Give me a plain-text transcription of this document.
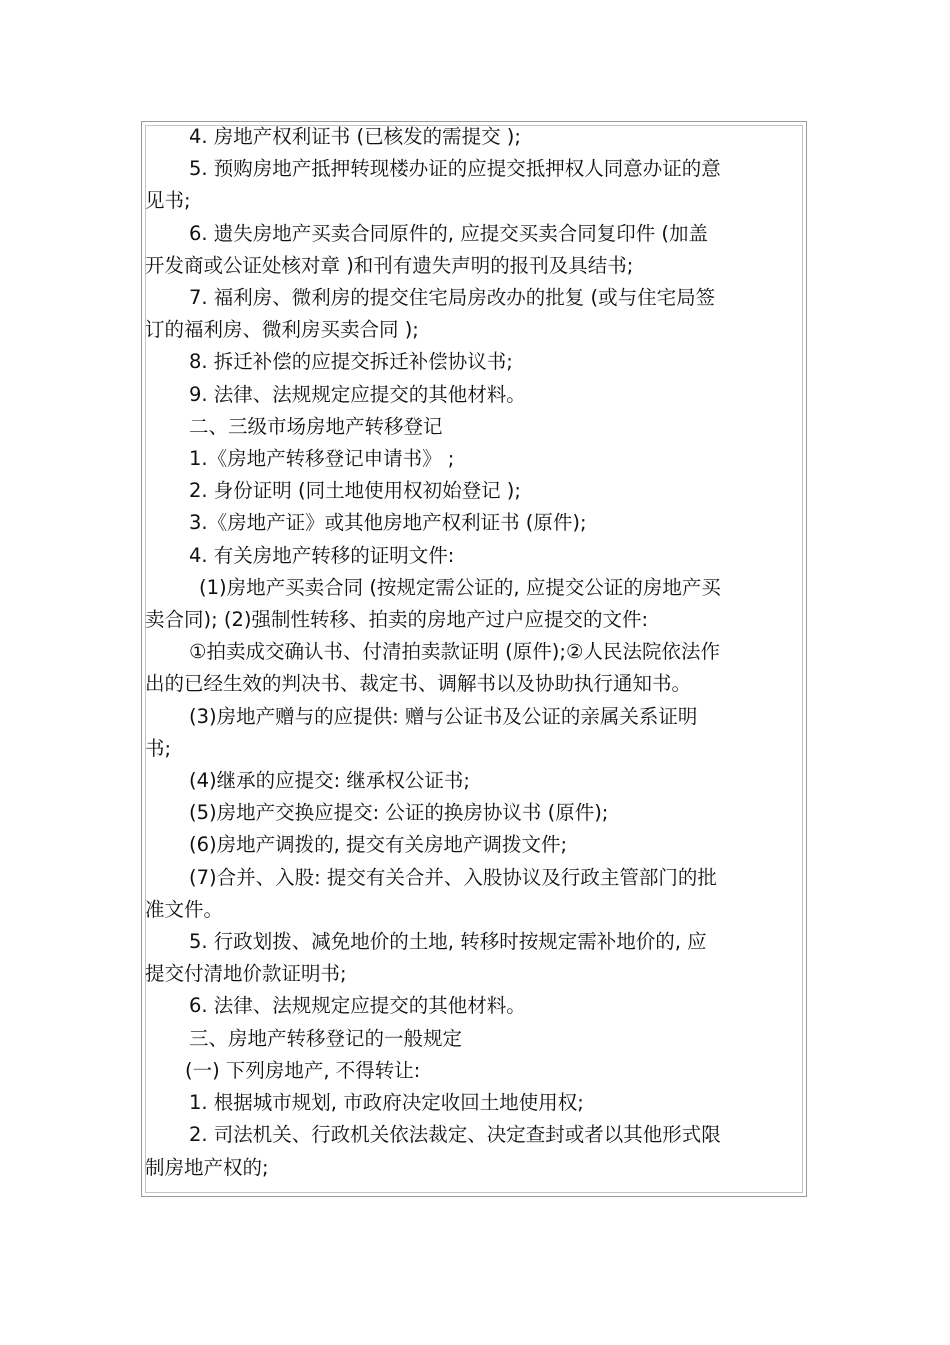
4. 房地产权利证书 (已核发的需提交 );
5. 预购房地产抵押转现楼办证的应提交抵押权人同意办证的意
见书;
6. 遗失房地产买卖合同原件的, 应提交买卖合同复印件 (加盖
开发商或公证处核对章 )和刊有遗失声明的报刊及具结书;
7. 福利房、微利房的提交住宅局房改办的批复 (或与住宅局签
订的福利房、微利房买卖合同 );
8. 拆迁补偿的应提交拆迁补偿协议书;
9. 法律、法规规定应提交的其他材料。
二、三级市场房地产转移登记
1.《房地产转移登记申请书》 ;
2. 身份证明 (同土地使用权初始登记 );
3.《房地产证》或其他房地产权利证书 (原件);
4. 有关房地产转移的证明文件:
(1)房地产买卖合同 (按规定需公证的, 应提交公证的房地产买
卖合同); (2)强制性转移、拍卖的房地产过户应提交的文件:
①拍卖成交确认书、付清拍卖款证明 (原件);②人民法院依法作
出的已经生效的判决书、裁定书、调解书以及协助执行通知书。
(3)房地产赠与的应提供: 赠与公证书及公证的亲属关系证明
书;
(4)继承的应提交: 继承权公证书;
(5)房地产交换应提交: 公证的换房协议书 (原件);
(6)房地产调拨的, 提交有关房地产调拨文件;
(7)合并、入股: 提交有关合并、入股协议及行政主管部门的批
准文件。
5. 行政划拨、减免地价的土地, 转移时按规定需补地价的, 应
提交付清地价款证明书;
6. 法律、法规规定应提交的其他材料。
三、房地产转移登记的一般规定
(一) 下列房地产, 不得转让:
1. 根据城市规划, 市政府决定收回土地使用权;
2. 司法机关、行政机关依法裁定、决定查封或者以其他形式限
制房地产权的;
